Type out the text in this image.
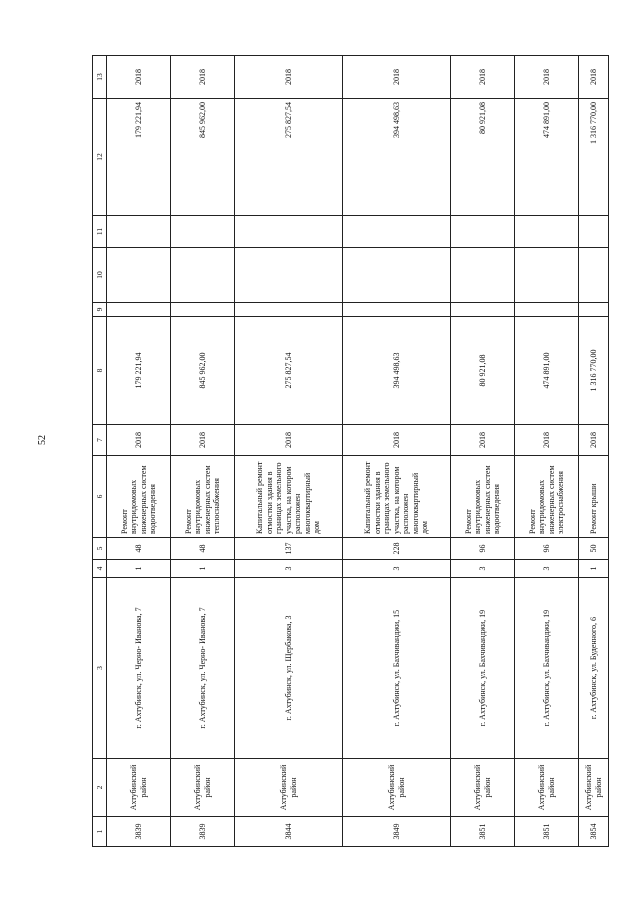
52
1	2	3	4	5	6	7	8	9	10	11	12	13
3839	Ахтубинский район	г. Ахтубинск, ул. Черно- Иванова, 7	1	48	Ремонт внутридомовых инженерных систем водоотведения	2018	179 221,94				179 221,94	2018
3839	Ахтубинский район	г. Ахтубинск, ул. Черно- Иванова, 7	1	48	Ремонт внутридомовых инженерных систем теплоснабжения	2018	845 962,00				845 962,00	2018
3844	Ахтубинский район	г. Ахтубинск, ул. Щербакова, 3	3	137	Капитальный ремонт отмостки здания в границах земельного участка, на котором расположен многоквартирный дом	2018	275 827,54				275 827,54	2018
3849	Ахтубинский район	г. Ахтубинск, ул. Бахчиванджи, 15	3	228	Капитальный ремонт отмостки здания в границах земельного участка, на котором расположен многоквартирный дом	2018	394 498,63				394 498,63	2018
3851	Ахтубинский район	г. Ахтубинск, ул. Бахчиванджи, 19	3	96	Ремонт внутридомовых инженерных систем водоотведения	2018	80 921,08				80 921,08	2018
3851	Ахтубинский район	г. Ахтубинск, ул. Бахчиванджи, 19	3	96	Ремонт внутридомовых инженерных систем электроснабжения	2018	474 891,00				474 891,00	2018
3854	Ахтубинский район	г. Ахтубинск, ул. Буденного, 6	1	50	Ремонт крыши	2018	1 316 770,00				1 316 770,00	2018
